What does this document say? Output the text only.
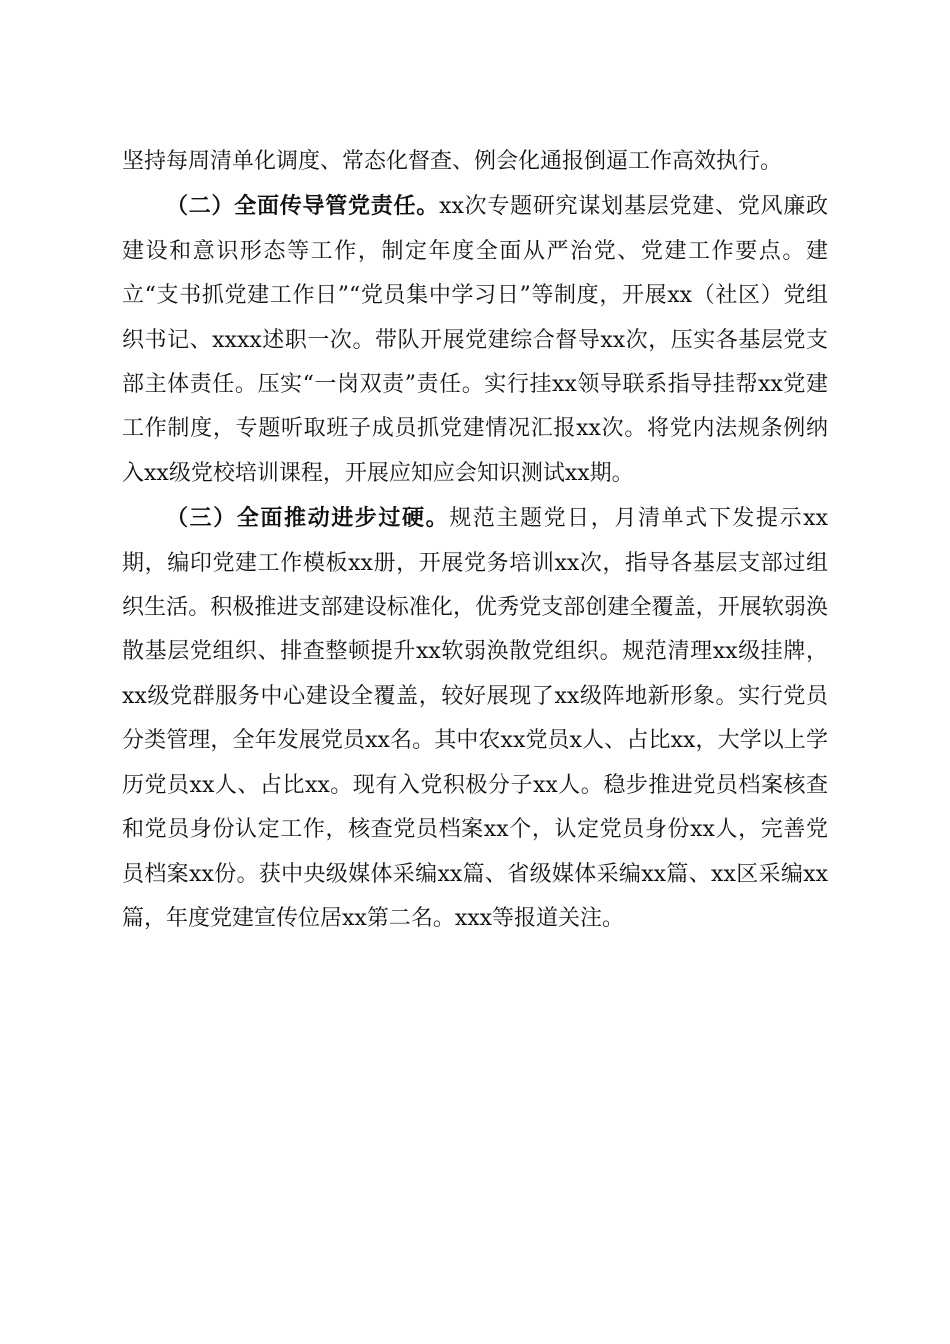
坚持每周清单化调度、常态化督查、例会化通报倒逼工作高效执行。

（二）全面传导管党责任。xx次专题研究谋划基层党建、党风廉政建设和意识形态等工作，制定年度全面从严治党、党建工作要点。建立“支书抓党建工作日”“党员集中学习日”等制度，开展xx（社区）党组织书记、xxxx述职一次。带队开展党建综合督导xx次，压实各基层党支部主体责任。压实“一岗双责”责任。实行挂xx领导联系指导挂帮xx党建工作制度，专题听取班子成员抓党建情况汇报xx次。将党内法规条例纳入xx级党校培训课程，开展应知应会知识测试xx期。

（三）全面推动进步过硬。规范主题党日，月清单式下发提示xx期，编印党建工作模板xx册，开展党务培训xx次，指导各基层支部过组织生活。积极推进支部建设标准化，优秀党支部创建全覆盖，开展软弱涣散基层党组织、排查整顿提升xx软弱涣散党组织。规范清理xx级挂牌，xx级党群服务中心建设全覆盖，较好展现了xx级阵地新形象。实行党员分类管理，全年发展党员xx名。其中农xx党员x人、占比xx，大学以上学历党员xx人、占比xx。现有入党积极分子xx人。稳步推进党员档案核查和党员身份认定工作，核查党员档案xx个，认定党员身份xx人，完善党员档案xx份。获中央级媒体采编xx篇、省级媒体采编xx篇、xx区采编xx篇，年度党建宣传位居xx第二名。xxx等报道关注。
